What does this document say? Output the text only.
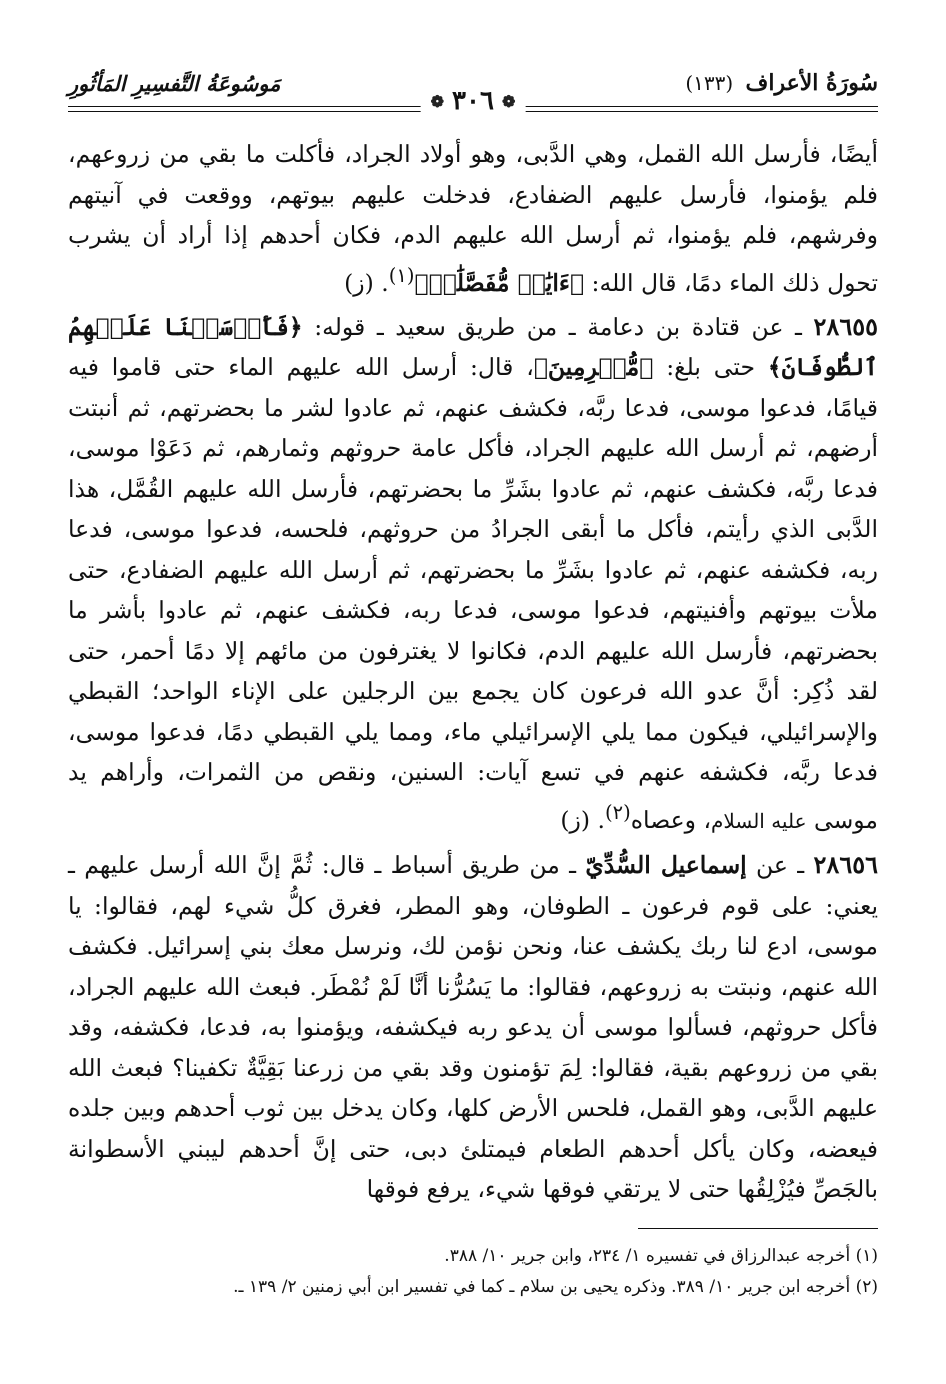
سُورَةُ الأعراف (١٣٣)
مَوسُوعَةُ التَّفسِيرِ المَأثُورِ
❁
٣٠٦
❁

أيضًا، فأرسل الله القمل، وهي الدَّبى، وهو أولاد الجراد، فأكلت ما بقي من زروعهم، فلم يؤمنوا، فأرسل عليهم الضفادع، فدخلت عليهم بيوتهم، ووقعت في آنيتهم وفرشهم، فلم يؤمنوا، ثم أرسل الله عليهم الدم، فكان أحدهم إذا أراد أن يشرب تحول ذلك الماء دمًا، قال الله: ﴿ءَايَٰتٖ مُّفَصَّلَٰتٖ﴾$^{(١)}$. (ز)

٢٨٦٥٥ ـ عن قتادة بن دعامة ـ من طريق سعيد ـ قوله: ﴿فَأَرۡسَلۡنَا عَلَيۡهِمُ ٱلطُّوفَانَ﴾ حتى بلغ: ﴿مُّجۡرِمِينَ﴾، قال: أرسل الله عليهم الماء حتى قاموا فيه قيامًا، فدعوا موسى، فدعا ربَّه، فكشف عنهم، ثم عادوا لشر ما بحضرتهم، ثم أنبتت أرضهم، ثم أرسل الله عليهم الجراد، فأكل عامة حروثهم وثمارهم، ثم دَعَوْا موسى، فدعا ربَّه، فكشف عنهم، ثم عادوا بشَرِّ ما بحضرتهم، فأرسل الله عليهم القُمَّل، هذا الدَّبى الذي رأيتم، فأكل ما أبقى الجرادُ من حروثهم، فلحسه، فدعوا موسى، فدعا ربه، فكشفه عنهم، ثم عادوا بشَرِّ ما بحضرتهم، ثم أرسل الله عليهم الضفادع، حتى ملأت بيوتهم وأفنيتهم، فدعوا موسى، فدعا ربه، فكشف عنهم، ثم عادوا بأشر ما بحضرتهم، فأرسل الله عليهم الدم، فكانوا لا يغترفون من مائهم إلا دمًا أحمر، حتى لقد ذُكِر: أنَّ عدو الله فرعون كان يجمع بين الرجلين على الإناء الواحد؛ القبطي والإسرائيلي، فيكون مما يلي الإسرائيلي ماء، ومما يلي القبطي دمًا، فدعوا موسى، فدعا ربَّه، فكشفه عنهم في تسع آيات: السنين، ونقص من الثمرات، وأراهم يد موسى عليه السلام، وعصاه$^{(٢)}$. (ز)

٢٨٦٥٦ ـ عن إسماعيل السُّدِّيّ ـ من طريق أسباط ـ قال: ثُمَّ إنَّ الله أرسل عليهم ـ يعني: على قوم فرعون ـ الطوفان، وهو المطر، فغرق كلُّ شيء لهم، فقالوا: يا موسى، ادع لنا ربك يكشف عنا، ونحن نؤمن لك، ونرسل معك بني إسرائيل. فكشف الله عنهم، ونبتت به زروعهم، فقالوا: ما يَسُرُّنا أنَّا لَمْ نُمْطَر. فبعث الله عليهم الجراد، فأكل حروثهم، فسألوا موسى أن يدعو ربه فيكشفه، ويؤمنوا به، فدعا، فكشفه، وقد بقي من زروعهم بقية، فقالوا: لِمَ تؤمنون وقد بقي من زرعنا بَقِيَّةٌ تكفينا؟ فبعث الله عليهم الدَّبى، وهو القمل، فلحس الأرض كلها، وكان يدخل بين ثوب أحدهم وبين جلده فيعضه، وكان يأكل أحدهم الطعام فيمتلئ دبى، حتى إنَّ أحدهم ليبني الأسطوانة بالجَصِّ فيُزْلِقُها حتى لا يرتقي فوقها شيء، يرفع فوقها

(١) أخرجه عبدالرزاق في تفسيره ١/ ٢٣٤، وابن جرير ١٠/ ٣٨٨.

(٢) أخرجه ابن جرير ١٠/ ٣٨٩. وذكره يحيى بن سلام ـ كما في تفسير ابن أبي زمنين ٢/ ١٣٩ ـ.
